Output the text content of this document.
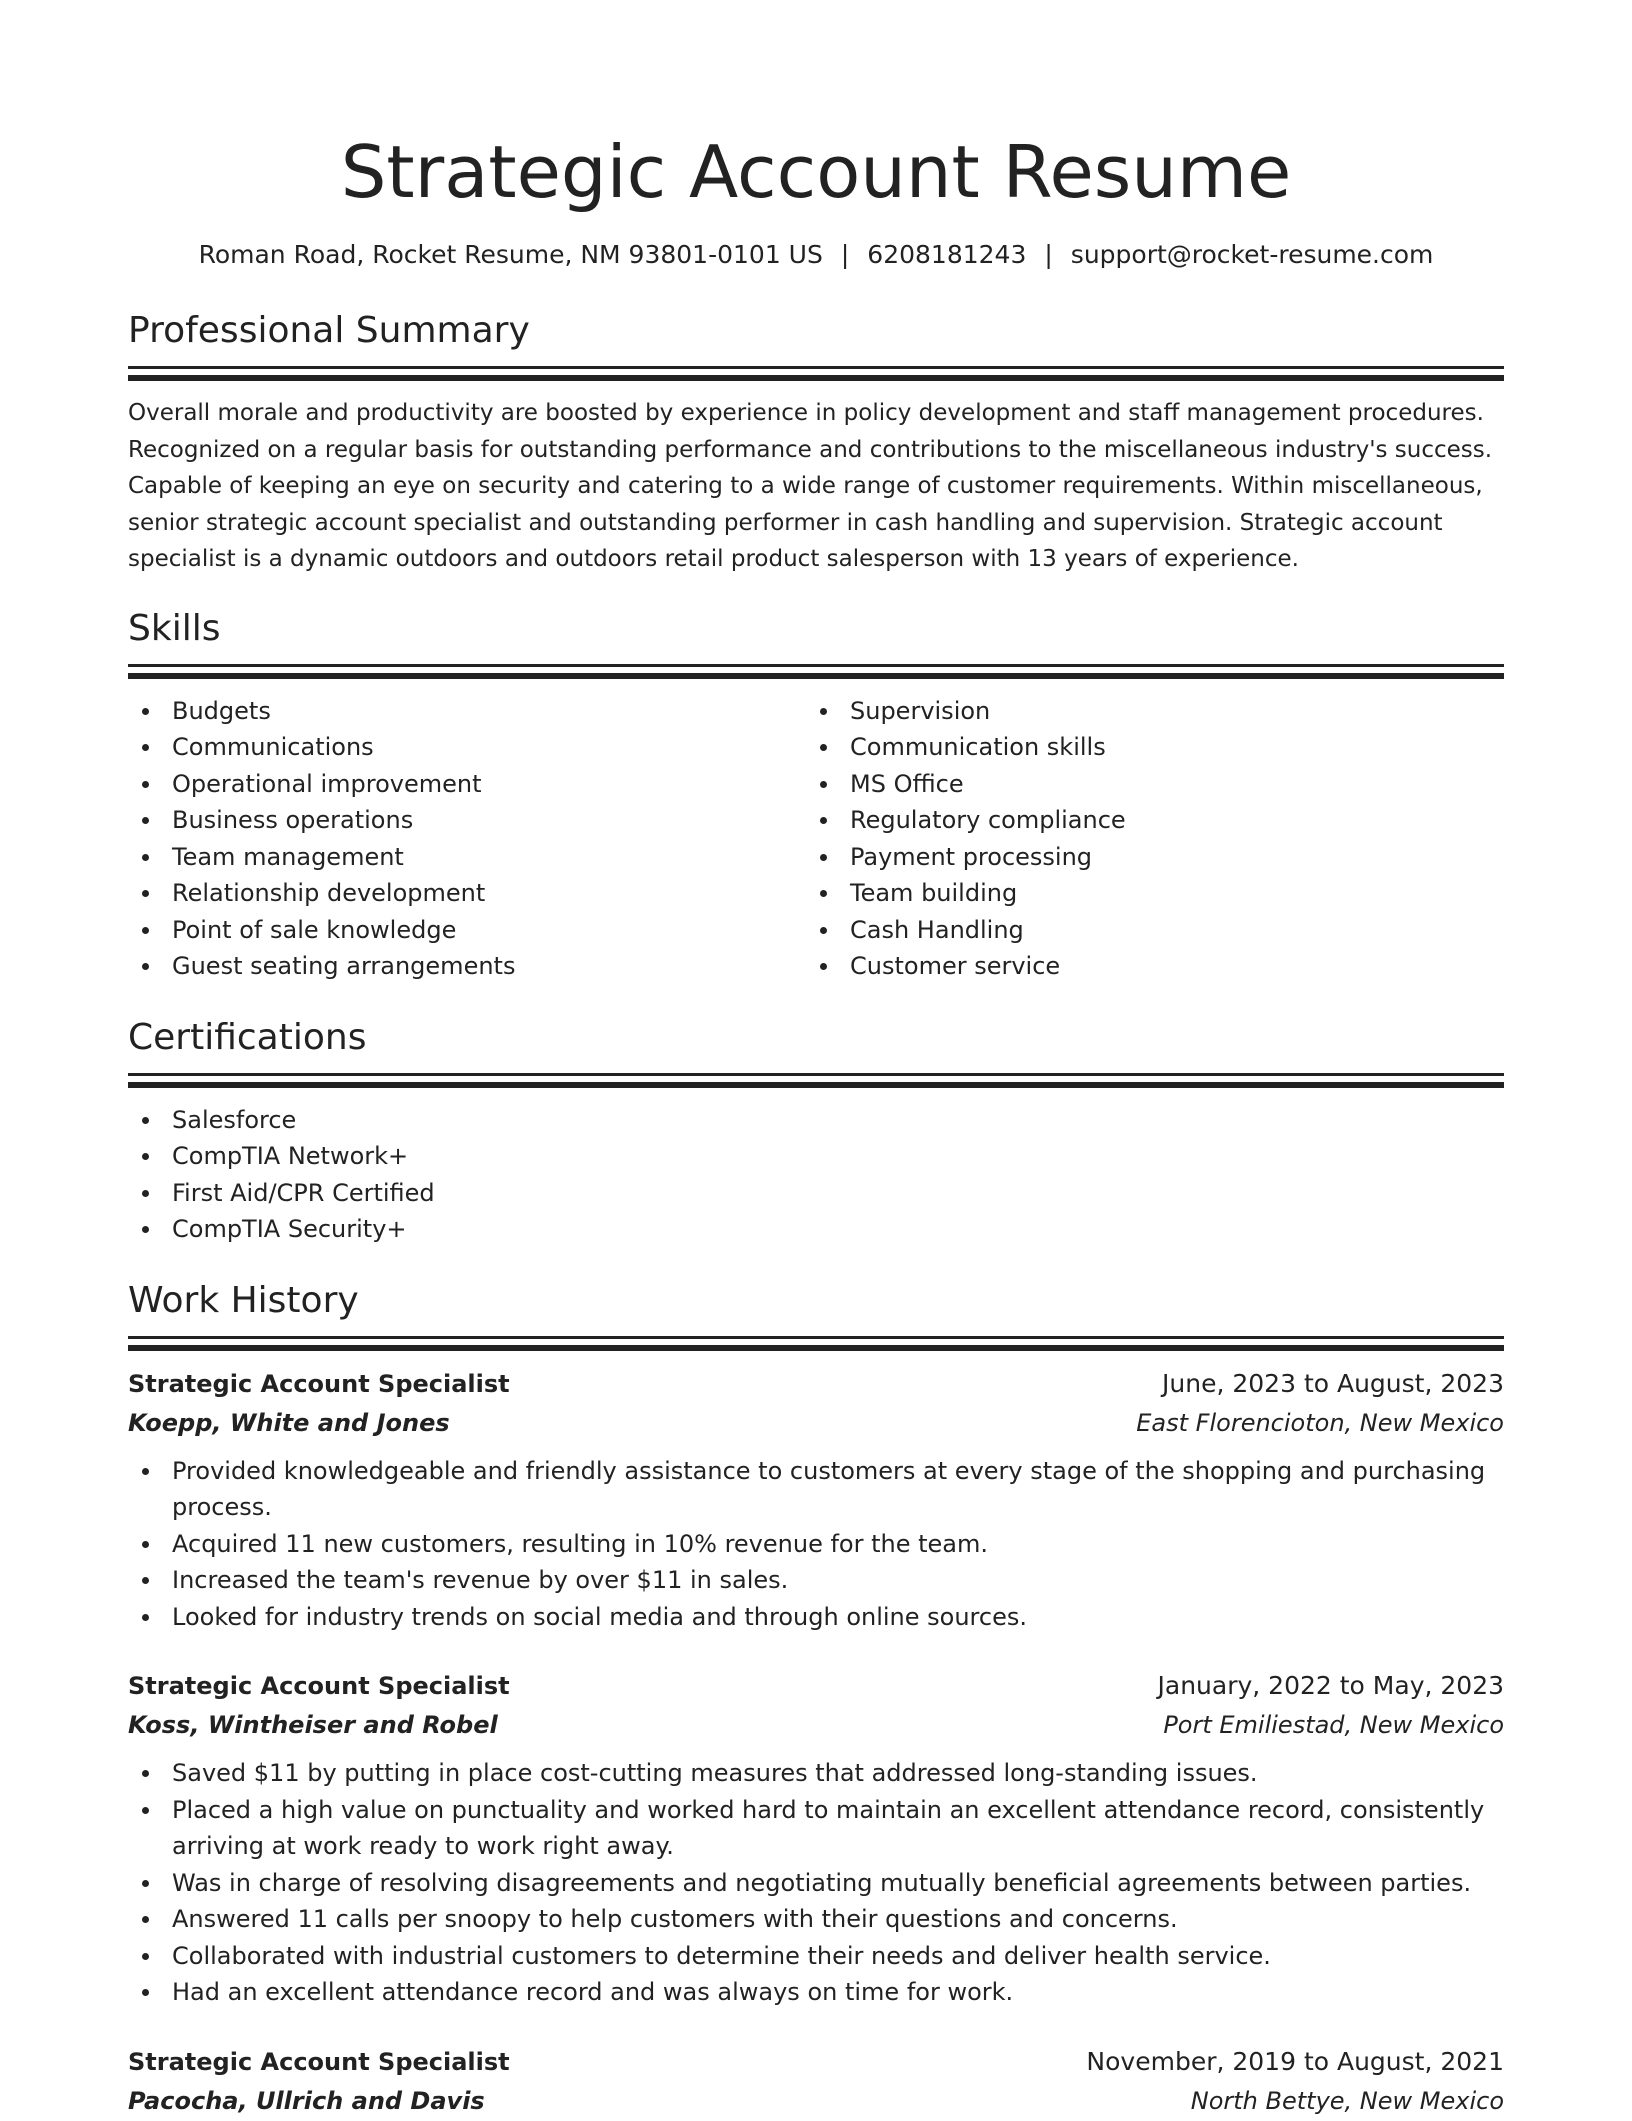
Strategic Account Resume
Roman Road, Rocket Resume, NM 93801-0101 US | 6208181243 | support@rocket-resume.com
Professional Summary

Overall morale and productivity are boosted by experience in policy development and staff management procedures. Recognized on a regular basis for outstanding performance and contributions to the miscellaneous industry's success. Capable of keeping an eye on security and catering to a wide range of customer requirements. Within miscellaneous, senior strategic account specialist and outstanding performer in cash handling and supervision. Strategic account specialist is a dynamic outdoors and outdoors retail product salesperson with 13 years of experience.

Skills
Budgets
Communications
Operational improvement
Business operations
Team management
Relationship development
Point of sale knowledge
Guest seating arrangements
Supervision
Communication skills
MS Office
Regulatory compliance
Payment processing
Team building
Cash Handling
Customer service
Certifications
Salesforce
CompTIA Network+
First Aid/CPR Certified
CompTIA Security+
Work History
Strategic Account Specialist	June, 2023 to August, 2023
Koepp, White and Jones	East Florencioton, New Mexico
Provided knowledgeable and friendly assistance to customers at every stage of the shopping and purchasing process.
Acquired 11 new customers, resulting in 10% revenue for the team.
Increased the team's revenue by over $11 in sales.
Looked for industry trends on social media and through online sources.
Strategic Account Specialist	January, 2022 to May, 2023
Koss, Wintheiser and Robel	Port Emiliestad, New Mexico
Saved $11 by putting in place cost-cutting measures that addressed long-standing issues.
Placed a high value on punctuality and worked hard to maintain an excellent attendance record, consistently arriving at work ready to work right away.
Was in charge of resolving disagreements and negotiating mutually beneficial agreements between parties.
Answered 11 calls per snoopy to help customers with their questions and concerns.
Collaborated with industrial customers to determine their needs and deliver health service.
Had an excellent attendance record and was always on time for work.
Strategic Account Specialist	November, 2019 to August, 2021
Pacocha, Ullrich and Davis	North Bettye, New Mexico
